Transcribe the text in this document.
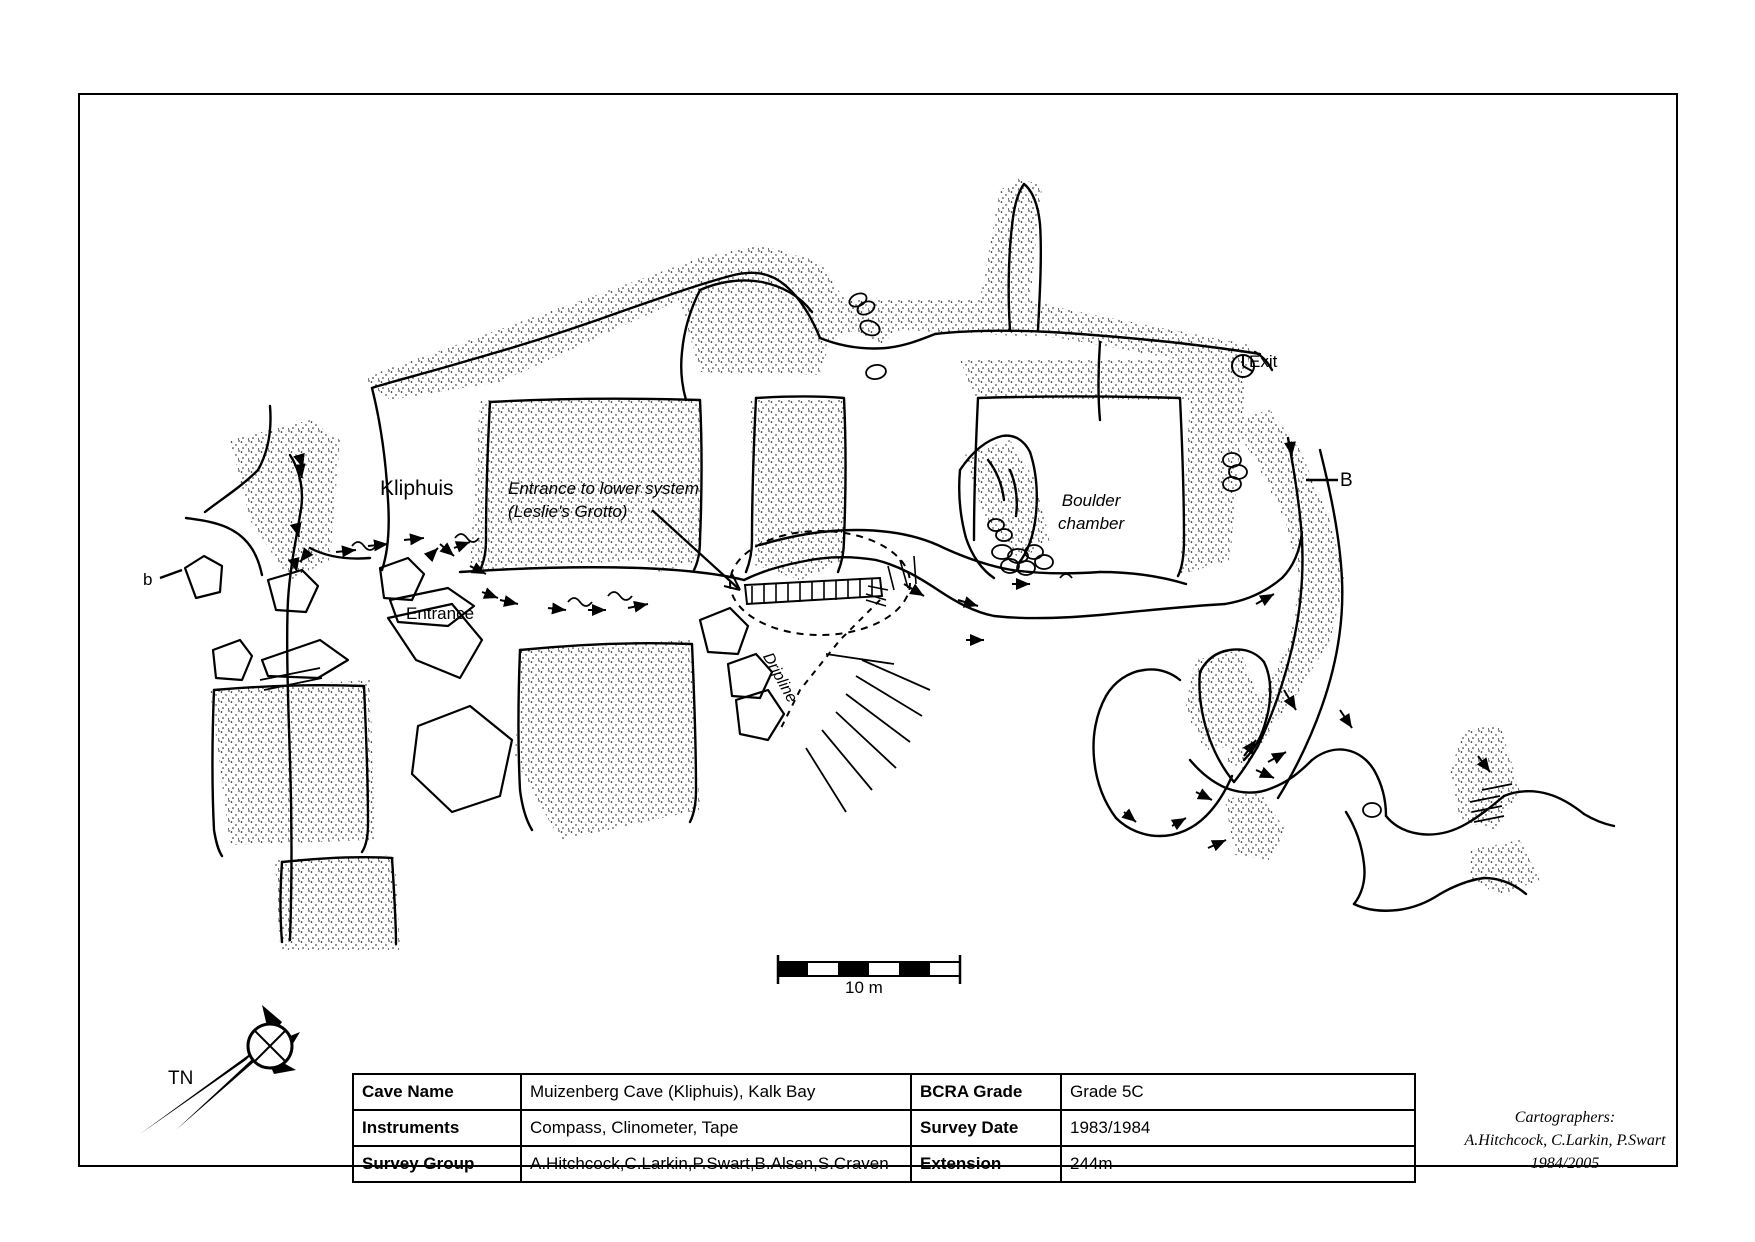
Kliphuis
Entrance
Exit
B
b
Entrance to lower system
(Leslie's Grotto)
Boulder
chamber
Dripline
10 m
TN
Cave Name	Muizenberg Cave (Kliphuis), Kalk Bay	BCRA Grade	Grade 5C
Instruments	Compass, Clinometer, Tape	Survey Date	1983/1984
Survey Group	A.Hitchcock,C.Larkin,P.Swart,B.Alsen,S.Craven	Extension	244m
Cartographers:
A.Hitchcock, C.Larkin, P.Swart
1984/2005
